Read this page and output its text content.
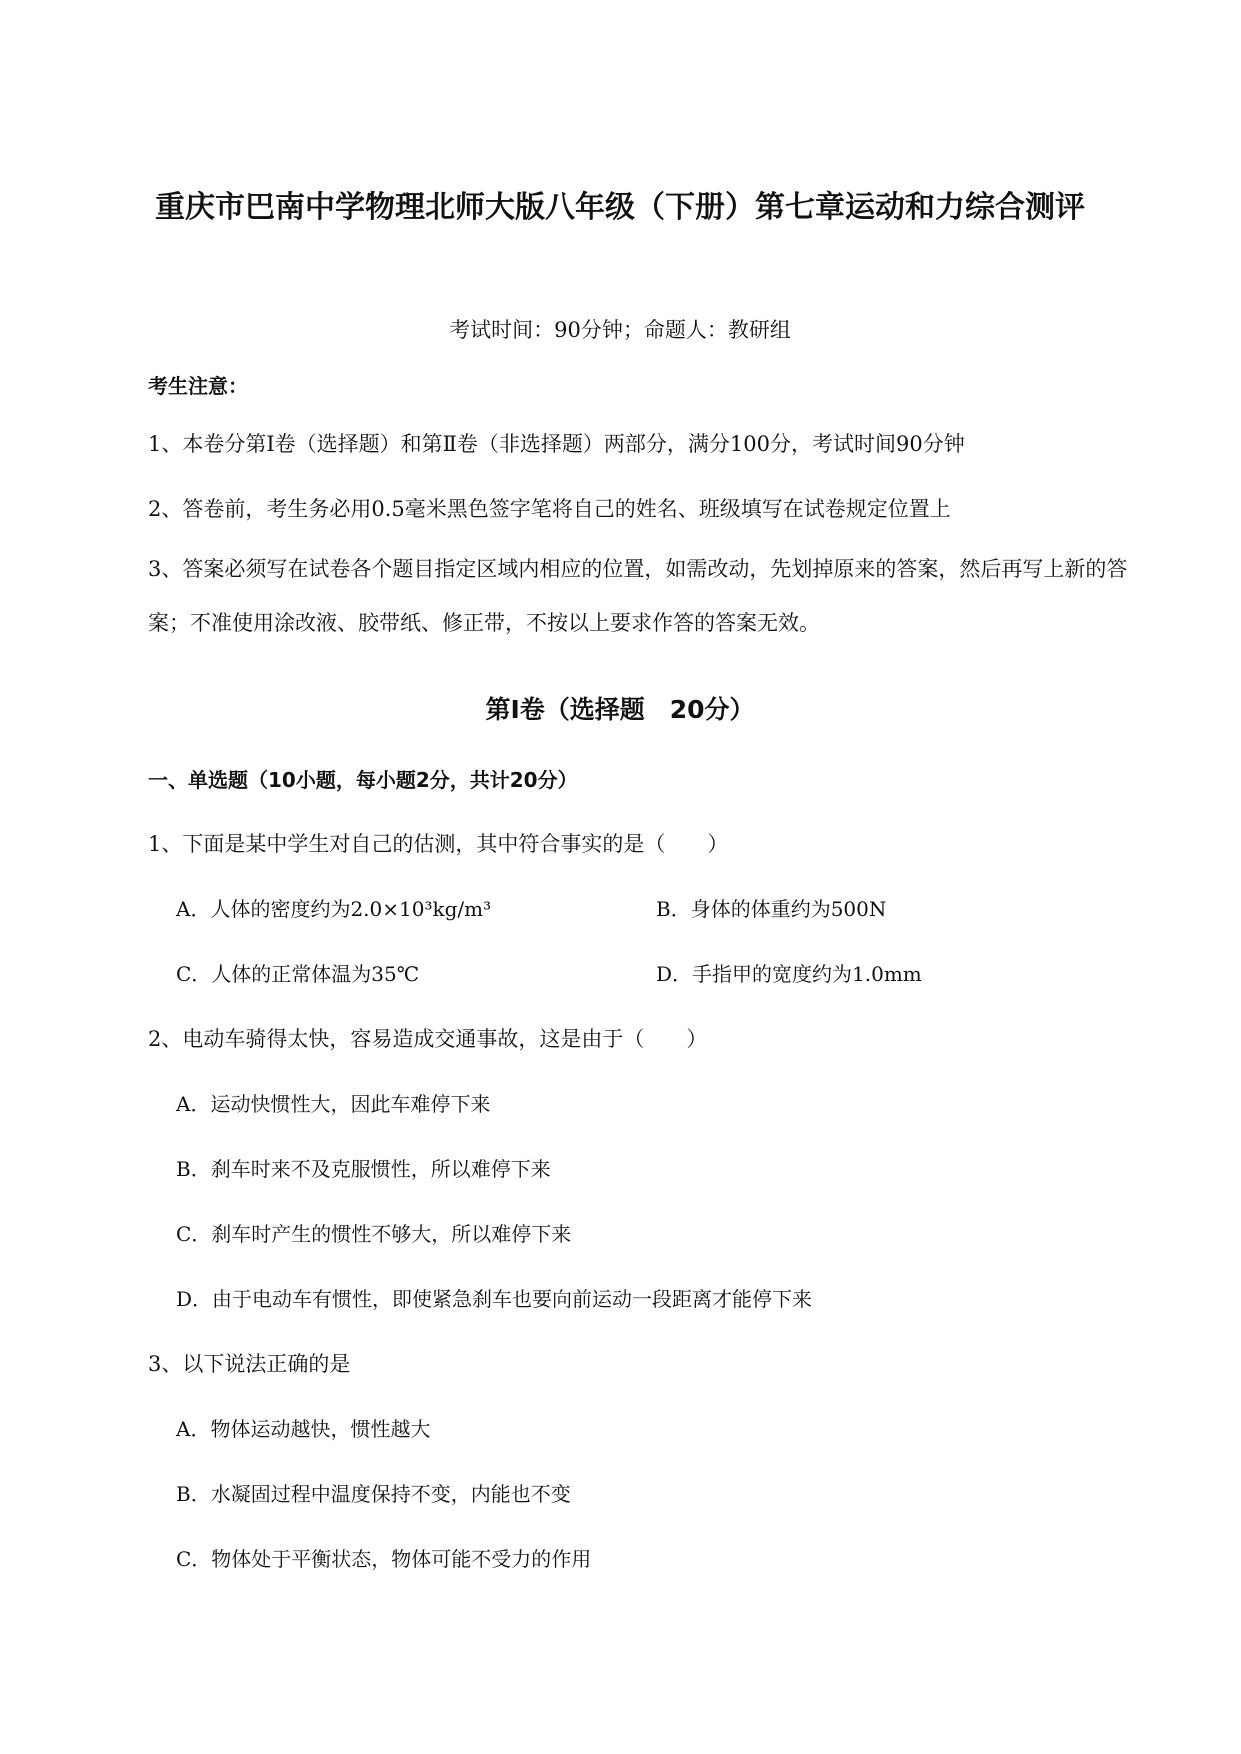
重庆市巴南中学物理北师大版八年级（下册）第七章运动和力综合测评
考试时间：90分钟；命题人：教研组
考生注意：
1、本卷分第I卷（选择题）和第Ⅱ卷（非选择题）两部分，满分100分，考试时间90分钟
2、答卷前，考生务必用0.5毫米黑色签字笔将自己的姓名、班级填写在试卷规定位置上
3、答案必须写在试卷各个题目指定区域内相应的位置，如需改动，先划掉原来的答案，然后再写上新的答案；不准使用涂改液、胶带纸、修正带，不按以上要求作答的答案无效。
第I卷（选择题　20分）
一、单选题（10小题，每小题2分，共计20分）
1、下面是某中学生对自己的估测，其中符合事实的是（　　）
A．人体的密度约为2.0×10³kg/m³	B．身体的体重约为500N
C．人体的正常体温为35℃	D．手指甲的宽度约为1.0mm
2、电动车骑得太快，容易造成交通事故，这是由于（　　）
A．运动快惯性大，因此车难停下来
B．刹车时来不及克服惯性，所以难停下来
C．刹车时产生的惯性不够大，所以难停下来
D．由于电动车有惯性，即使紧急刹车也要向前运动一段距离才能停下来
3、以下说法正确的是
A．物体运动越快，惯性越大
B．水凝固过程中温度保持不变，内能也不变
C．物体处于平衡状态，物体可能不受力的作用
